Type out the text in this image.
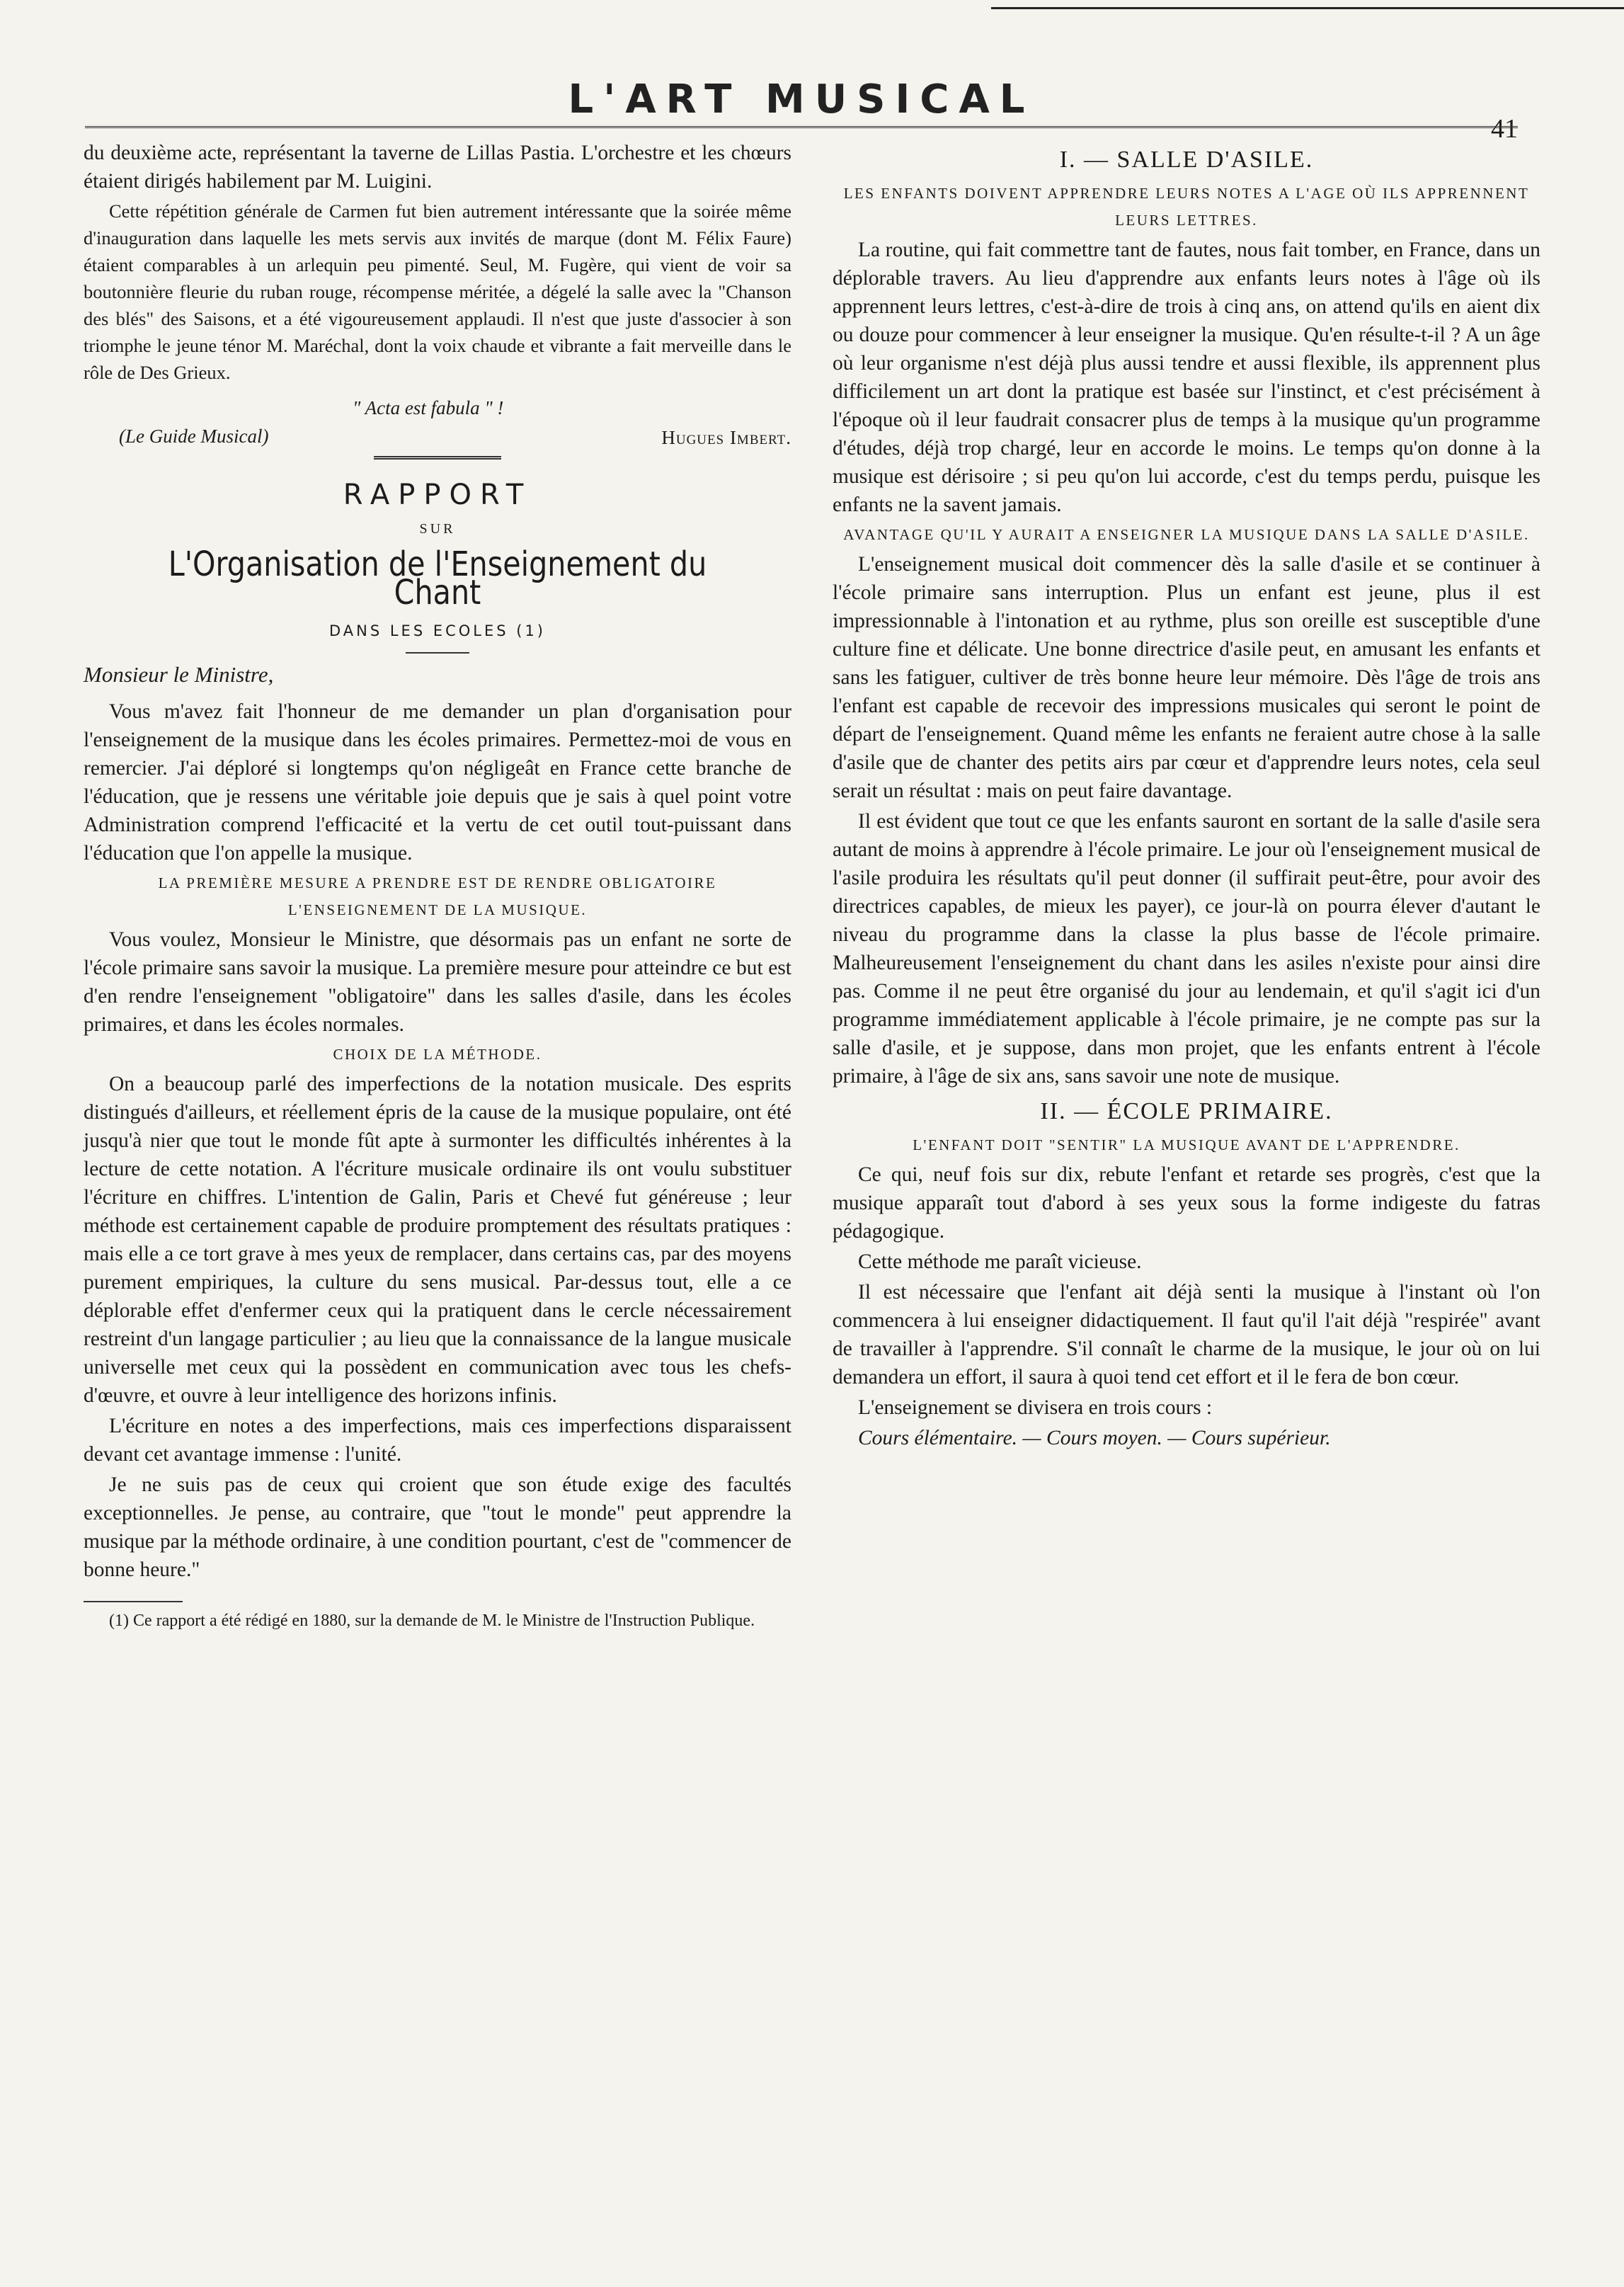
L'ART MUSICAL
41

du deuxième acte, représentant la taverne de Lillas Pastia. L'orchestre et les chœurs étaient dirigés habilement par M. Luigini.

Cette répétition générale de Carmen fut bien autrement intéressante que la soirée même d'inauguration dans laquelle les mets servis aux invités de marque (dont M. Félix Faure) étaient comparables à un arlequin peu pimenté. Seul, M. Fugère, qui vient de voir sa boutonnière fleurie du ruban rouge, récompense méritée, a dégelé la salle avec la "Chanson des blés" des Saisons, et a été vigoureusement applaudi. Il n'est que juste d'associer à son triomphe le jeune ténor M. Maréchal, dont la voix chaude et vibrante a fait merveille dans le rôle de Des Grieux.

" Acta est fabula " !
(Le Guide Musical)	Hugues Imbert.
RAPPORT
SUR
L'Organisation de l'Enseignement du Chant
DANS LES ECOLES (1)
Monsieur le Ministre,

Vous m'avez fait l'honneur de me demander un plan d'organisation pour l'enseignement de la musique dans les écoles primaires. Permettez-moi de vous en remercier. J'ai déploré si longtemps qu'on négligeât en France cette branche de l'éducation, que je ressens une véritable joie depuis que je sais à quel point votre Administration comprend l'efficacité et la vertu de cet outil tout-puissant dans l'éducation que l'on appelle la musique.

LA PREMIÈRE MESURE A PRENDRE EST DE RENDRE OBLIGATOIRE L'ENSEIGNEMENT DE LA MUSIQUE.

Vous voulez, Monsieur le Ministre, que désormais pas un enfant ne sorte de l'école primaire sans savoir la musique. La première mesure pour atteindre ce but est d'en rendre l'enseignement "obligatoire" dans les salles d'asile, dans les écoles primaires, et dans les écoles normales.

CHOIX DE LA MÉTHODE.

On a beaucoup parlé des imperfections de la notation musicale. Des esprits distingués d'ailleurs, et réellement épris de la cause de la musique populaire, ont été jusqu'à nier que tout le monde fût apte à surmonter les difficultés inhérentes à la lecture de cette notation. A l'écriture musicale ordinaire ils ont voulu substituer l'écriture en chiffres. L'intention de Galin, Paris et Chevé fut généreuse ; leur méthode est certainement capable de produire promptement des résultats pratiques : mais elle a ce tort grave à mes yeux de remplacer, dans certains cas, par des moyens purement empiriques, la culture du sens musical. Par-dessus tout, elle a ce déplorable effet d'enfermer ceux qui la pratiquent dans le cercle nécessairement restreint d'un langage particulier ; au lieu que la connaissance de la langue musicale universelle met ceux qui la possèdent en communication avec tous les chefs-d'œuvre, et ouvre à leur intelligence des horizons infinis.

L'écriture en notes a des imperfections, mais ces imperfections disparaissent devant cet avantage immense : l'unité.

Je ne suis pas de ceux qui croient que son étude exige des facultés exceptionnelles. Je pense, au contraire, que "tout le monde" peut apprendre la musique par la méthode ordinaire, à une condition pourtant, c'est de "commencer de bonne heure."

(1) Ce rapport a été rédigé en 1880, sur la demande de M. le Ministre de l'Instruction Publique.

I. — SALLE D'ASILE.

LES ENFANTS DOIVENT APPRENDRE LEURS NOTES A L'AGE OÙ ILS APPRENNENT LEURS LETTRES.

La routine, qui fait commettre tant de fautes, nous fait tomber, en France, dans un déplorable travers. Au lieu d'apprendre aux enfants leurs notes à l'âge où ils apprennent leurs lettres, c'est-à-dire de trois à cinq ans, on attend qu'ils en aient dix ou douze pour commencer à leur enseigner la musique. Qu'en résulte-t-il ? A un âge où leur organisme n'est déjà plus aussi tendre et aussi flexible, ils apprennent plus difficilement un art dont la pratique est basée sur l'instinct, et c'est précisément à l'époque où il leur faudrait consacrer plus de temps à la musique qu'un programme d'études, déjà trop chargé, leur en accorde le moins. Le temps qu'on donne à la musique est dérisoire ; si peu qu'on lui accorde, c'est du temps perdu, puisque les enfants ne la savent jamais.

AVANTAGE QU'IL Y AURAIT A ENSEIGNER LA MUSIQUE DANS LA SALLE D'ASILE.

L'enseignement musical doit commencer dès la salle d'asile et se continuer à l'école primaire sans interruption. Plus un enfant est jeune, plus il est impressionnable à l'intonation et au rythme, plus son oreille est susceptible d'une culture fine et délicate. Une bonne directrice d'asile peut, en amusant les enfants et sans les fatiguer, cultiver de très bonne heure leur mémoire. Dès l'âge de trois ans l'enfant est capable de recevoir des impressions musicales qui seront le point de départ de l'enseignement. Quand même les enfants ne feraient autre chose à la salle d'asile que de chanter des petits airs par cœur et d'apprendre leurs notes, cela seul serait un résultat : mais on peut faire davantage.

Il est évident que tout ce que les enfants sauront en sortant de la salle d'asile sera autant de moins à apprendre à l'école primaire. Le jour où l'enseignement musical de l'asile produira les résultats qu'il peut donner (il suffirait peut-être, pour avoir des directrices capables, de mieux les payer), ce jour-là on pourra élever d'autant le niveau du programme dans la classe la plus basse de l'école primaire. Malheureusement l'enseignement du chant dans les asiles n'existe pour ainsi dire pas. Comme il ne peut être organisé du jour au lendemain, et qu'il s'agit ici d'un programme immédiatement applicable à l'école primaire, je ne compte pas sur la salle d'asile, et je suppose, dans mon projet, que les enfants entrent à l'école primaire, à l'âge de six ans, sans savoir une note de musique.

II. — ÉCOLE PRIMAIRE.

L'ENFANT DOIT "SENTIR" LA MUSIQUE AVANT DE L'APPRENDRE.

Ce qui, neuf fois sur dix, rebute l'enfant et retarde ses progrès, c'est que la musique apparaît tout d'abord à ses yeux sous la forme indigeste du fatras pédagogique.

Cette méthode me paraît vicieuse.

Il est nécessaire que l'enfant ait déjà senti la musique à l'instant où l'on commencera à lui enseigner didactiquement. Il faut qu'il l'ait déjà "respirée" avant de travailler à l'apprendre. S'il connaît le charme de la musique, le jour où on lui demandera un effort, il saura à quoi tend cet effort et il le fera de bon cœur.

L'enseignement se divisera en trois cours :

Cours élémentaire. — Cours moyen. — Cours supérieur.
